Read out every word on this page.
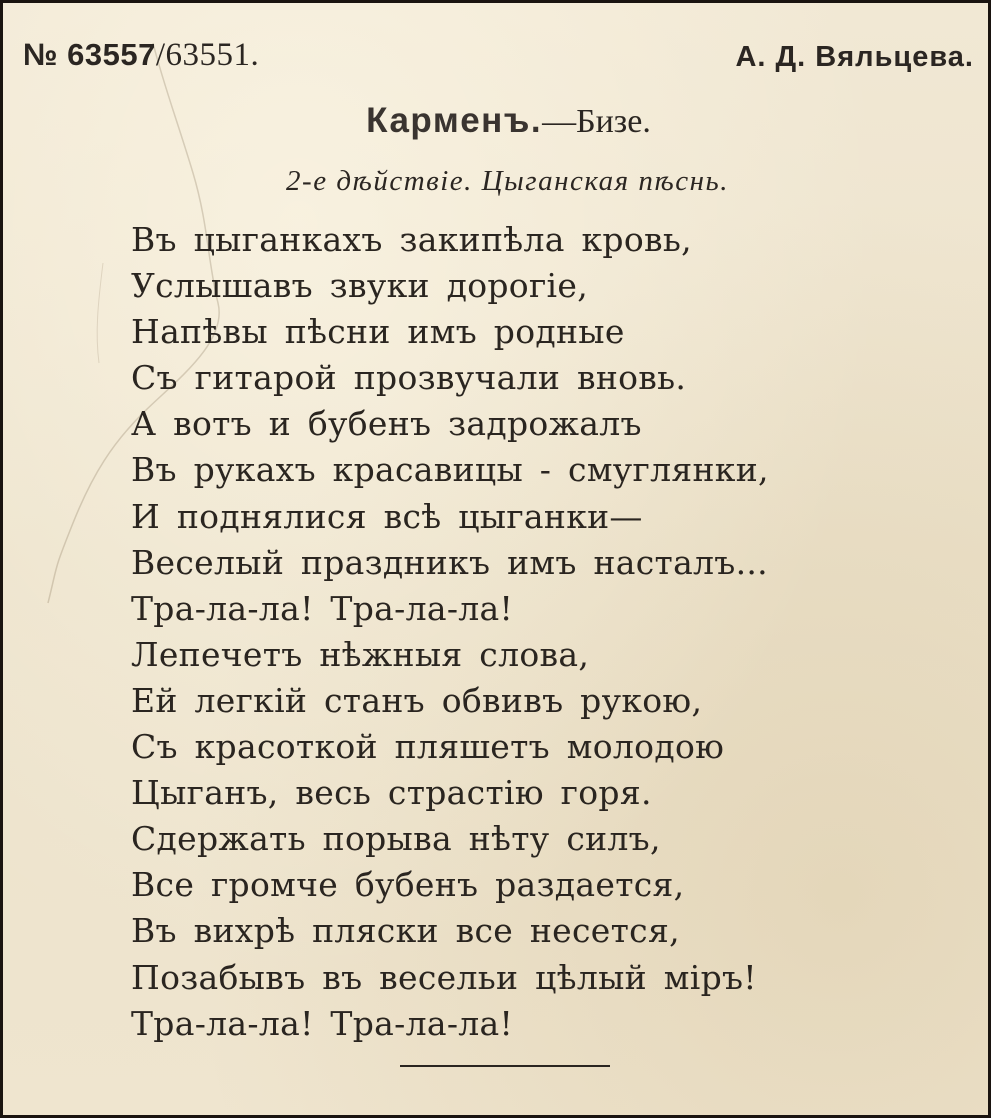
№ 63557/63551.	А. Д. Вяльцева.
Карменъ.—Бизе.
2-е дѣйствіе. Цыганская пѣснь.
Въ цыганкахъ закипѣла кровь,
Услышавъ звуки дорогіе,
Напѣвы пѣсни имъ родные
Съ гитарой прозвучали вновь.
А вотъ и бубенъ задрожалъ
Въ рукахъ красавицы - смуглянки,
И поднялися всѣ цыганки—
Веселый праздникъ имъ насталъ...
Тра-ла-ла! Тра-ла-ла!
Лепечетъ нѣжныя слова,
Ей легкій станъ обвивъ рукою,
Съ красоткой пляшетъ молодою
Цыганъ, весь страстію горя.
Сдержать порыва нѣту силъ,
Все громче бубенъ раздается,
Въ вихрѣ пляски все несется,
Позабывъ въ весельи цѣлый міръ!
Тра-ла-ла! Тра-ла-ла!
